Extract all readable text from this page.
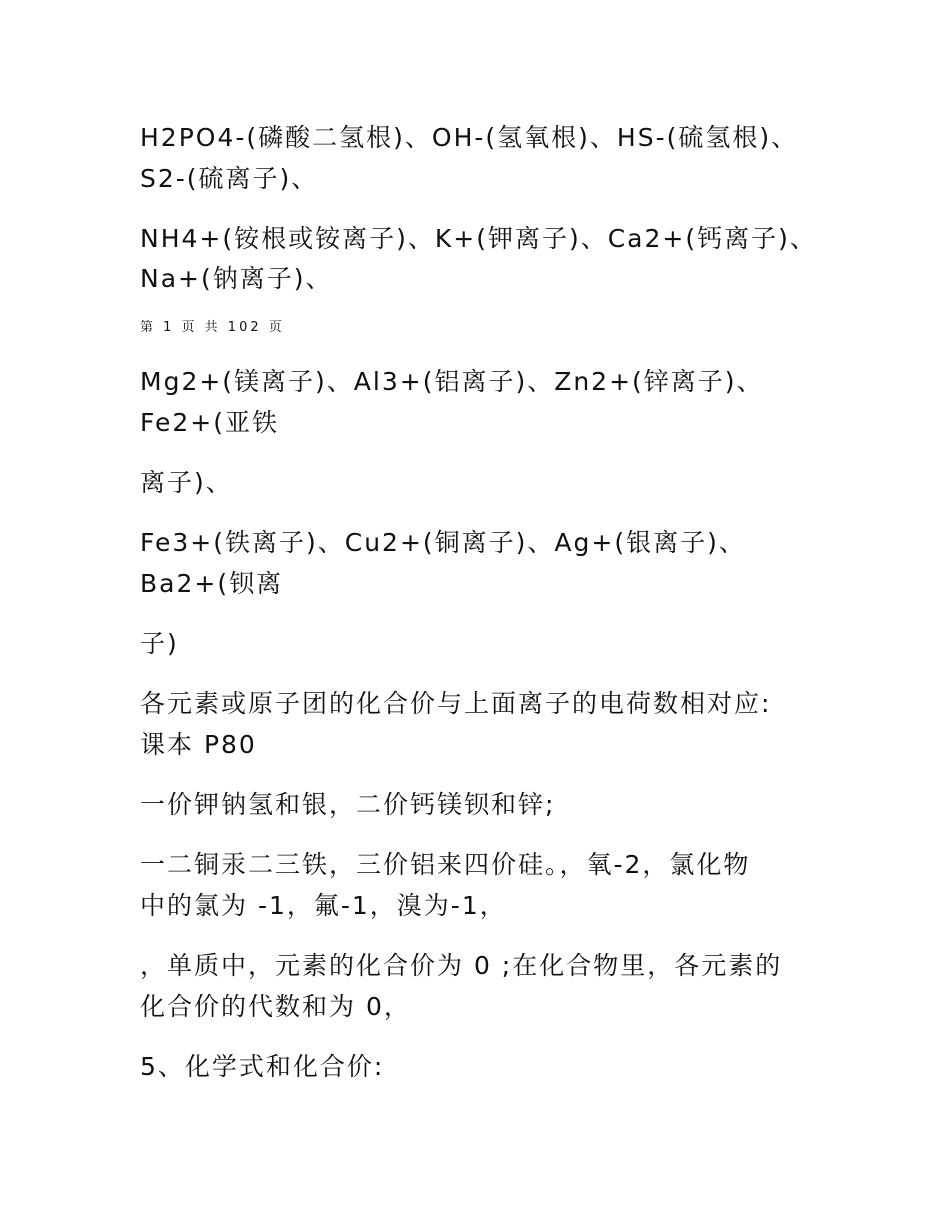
H2PO4-(磷酸二氢根)、OH-(氢氧根)、HS-(硫氢根)、
S2-(硫离子)、
NH4+(铵根或铵离子)、K+(钾离子)、Ca2+(钙离子)、
Na+(钠离子)、
第 1 页 共 102 页
Mg2+(镁离子)、Al3+(铝离子)、Zn2+(锌离子)、
Fe2+(亚铁
离子)、
Fe3+(铁离子)、Cu2+(铜离子)、Ag+(银离子)、
Ba2+(钡离
子)
各元素或原子团的化合价与上面离子的电荷数相对应:
课本 P80
一价钾钠氢和银，二价钙镁钡和锌;
一二铜汞二三铁，三价铝来四价硅。，氧-2，氯化物
中的氯为 -1，氟-1，溴为-1，
，单质中，元素的化合价为 0 ;在化合物里，各元素的
化合价的代数和为 0，
5、化学式和化合价:
